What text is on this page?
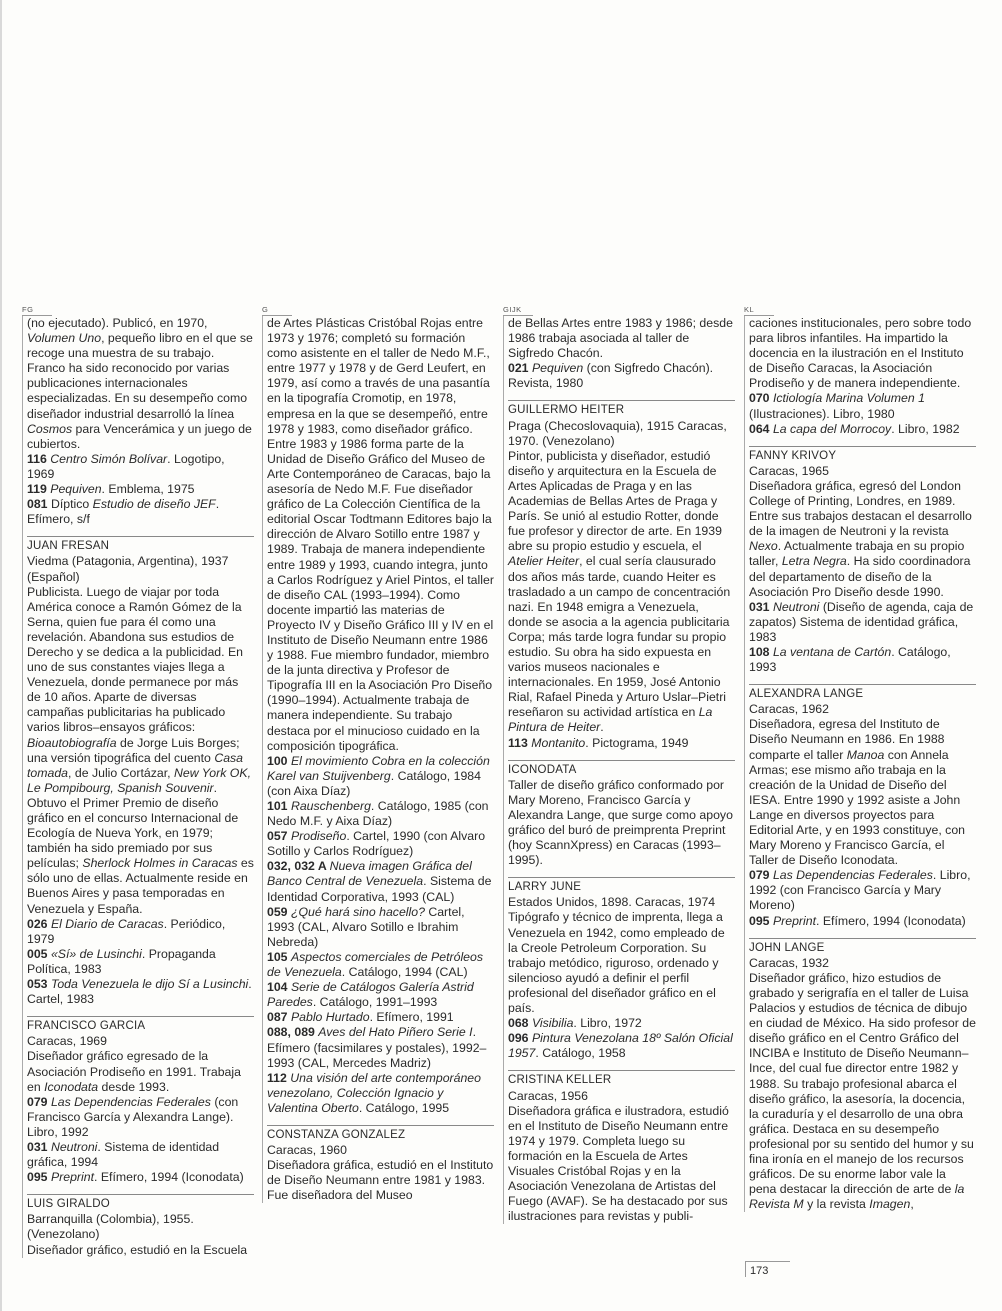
FG

(no ejecutado). Publicó, en 1970, Volumen Uno, pequeño libro en el que se recoge una muestra de su trabajo. Franco ha sido reconocido por varias publicaciones internacionales especializadas. En su desempeño como diseñador industrial desarrolló la línea Cosmos para Vencerámica y un juego de cubiertos.

116 Centro Simón Bolívar. Logotipo, 1969

119 Pequiven. Emblema, 1975

081 Díptico Estudio de diseño JEF. Efímero, s/f

JUAN FRESAN

Viedma (Patagonia, Argentina), 1937 (Español)
Publicista. Luego de viajar por toda América conoce a Ramón Gómez de la Serna, quien fue para él como una revelación. Abandona sus estudios de Derecho y se dedica a la publicidad. En uno de sus constantes viajes llega a Venezuela, donde permanece por más de 10 años. Aparte de diversas campañas publicitarias ha publicado varios libros–ensayos gráficos: Bioautobiografía de Jorge Luis Borges; una versión tipográfica del cuento Casa tomada, de Julio Cortázar, New York OK, Le Pompibourg, Spanish Souvenir. Obtuvo el Primer Premio de diseño gráfico en el concurso Internacional de Ecología de Nueva York, en 1979; también ha sido premiado por sus películas; Sherlock Holmes in Caracas es sólo uno de ellas. Actualmente reside en Buenos Aires y pasa temporadas en Venezuela y España.

026 El Diario de Caracas. Periódico, 1979

005 «Sí» de Lusinchi. Propaganda Política, 1983

053 Toda Venezuela le dijo Sí a Lusinchi. Cartel, 1983

FRANCISCO GARCIA

Caracas, 1969
Diseñador gráfico egresado de la Asociación Prodiseño en 1991. Trabaja en Iconodata desde 1993.

079 Las Dependencias Federales (con Francisco García y Alexandra Lange). Libro, 1992

031 Neutroni. Sistema de identidad gráfica, 1994

095 Preprint. Efímero, 1994 (Iconodata)

LUIS GIRALDO

Barranquilla (Colombia), 1955. (Venezolano)
Diseñador gráfico, estudió en la Escuela

G

de Artes Plásticas Cristóbal Rojas entre 1973 y 1976; completó su formación como asistente en el taller de Nedo M.F., entre 1977 y 1978 y de Gerd Leufert, en 1979, así como a través de una pasantía en la tipografía Cromotip, en 1978, empresa en la que se desempeñó, entre 1978 y 1983, como diseñador gráfico. Entre 1983 y 1986 forma parte de la Unidad de Diseño Gráfico del Museo de Arte Contemporáneo de Caracas, bajo la asesoría de Nedo M.F. Fue diseñador gráfico de La Colección Científica de la editorial Oscar Todtmann Editores bajo la dirección de Alvaro Sotillo entre 1987 y 1989. Trabaja de manera independiente entre 1989 y 1993, cuando integra, junto a Carlos Rodríguez y Ariel Pintos, el taller de diseño CAL (1993–1994). Como docente impartió las materias de Proyecto IV y Diseño Gráfico III y IV en el Instituto de Diseño Neumann entre 1986 y 1988. Fue miembro fundador, miembro de la junta directiva y Profesor de Tipografía III en la Asociación Pro Diseño (1990–1994). Actualmente trabaja de manera independiente. Su trabajo destaca por el minucioso cuidado en la composición tipográfica.

100 El movimiento Cobra en la colección Karel van Stuijvenberg. Catálogo, 1984 (con Aixa Díaz)

101 Rauschenberg. Catálogo, 1985 (con Nedo M.F. y Aixa Díaz)

057 Prodiseño. Cartel, 1990 (con Alvaro Sotillo y Carlos Rodríguez)

032, 032 A Nueva imagen Gráfica del Banco Central de Venezuela. Sistema de Identidad Corporativa, 1993 (CAL)

059 ¿Qué hará sino hacello? Cartel, 1993 (CAL, Alvaro Sotillo e Ibrahim Nebreda)

105 Aspectos comerciales de Petróleos de Venezuela. Catálogo, 1994 (CAL)

104 Serie de Catálogos Galería Astrid Paredes. Catálogo, 1991–1993

087 Pablo Hurtado. Efímero, 1991

088, 089 Aves del Hato Piñero Serie I. Efímero (facsimilares y postales), 1992–1993 (CAL, Mercedes Madriz)

112 Una visión del arte contemporáneo venezolano, Colección Ignacio y Valentina Oberto. Catálogo, 1995

CONSTANZA GONZALEZ

Caracas, 1960
Diseñadora gráfica, estudió en el Instituto de Diseño Neumann entre 1981 y 1983. Fue diseñadora del Museo

GIJK

de Bellas Artes entre 1983 y 1986; desde 1986 trabaja asociada al taller de Sigfredo Chacón.

021 Pequiven (con Sigfredo Chacón). Revista, 1980

GUILLERMO HEITER

Praga (Checoslovaquia), 1915 Caracas, 1970. (Venezolano)
Pintor, publicista y diseñador, estudió diseño y arquitectura en la Escuela de Artes Aplicadas de Praga y en las Academias de Bellas Artes de Praga y París. Se unió al estudio Rotter, donde fue profesor y director de arte. En 1939 abre su propio estudio y escuela, el Atelier Heiter, el cual sería clausurado dos años más tarde, cuando Heiter es trasladado a un campo de concentración nazi. En 1948 emigra a Venezuela, donde se asocia a la agencia publicitaria Corpa; más tarde logra fundar su propio estudio. Su obra ha sido expuesta en varios museos nacionales e internacionales. En 1959, José Antonio Rial, Rafael Pineda y Arturo Uslar–Pietri reseñaron su actividad artística en La Pintura de Heiter.

113 Montanito. Pictograma, 1949

ICONODATA

Taller de diseño gráfico conformado por Mary Moreno, Francisco García y Alexandra Lange, que surge como apoyo gráfico del buró de preimprenta Preprint (hoy ScannXpress) en Caracas (1993–1995).

LARRY JUNE

Estados Unidos, 1898. Caracas, 1974
Tipógrafo y técnico de imprenta, llega a Venezuela en 1942, como empleado de la Creole Petroleum Corporation. Su trabajo metódico, riguroso, ordenado y silencioso ayudó a definir el perfil profesional del diseñador gráfico en el país.

068 Visibilia. Libro, 1972

096 Pintura Venezolana 18º Salón Oficial 1957. Catálogo, 1958

CRISTINA KELLER

Caracas, 1956
Diseñadora gráfica e ilustradora, estudió en el Instituto de Diseño Neumann entre 1974 y 1979. Completa luego su formación en la Escuela de Artes Visuales Cristóbal Rojas y en la Asociación Venezolana de Artistas del Fuego (AVAF). Se ha destacado por sus ilustraciones para revistas y publi-

KL

caciones institucionales, pero sobre todo para libros infantiles. Ha impartido la docencia en la ilustración en el Instituto de Diseño Caracas, la Asociación Prodiseño y de manera independiente.

070 Ictiología Marina Volumen 1 (Ilustraciones). Libro, 1980

064 La capa del Morrocoy. Libro, 1982

FANNY KRIVOY

Caracas, 1965
Diseñadora gráfica, egresó del London College of Printing, Londres, en 1989. Entre sus trabajos destacan el desarrollo de la imagen de Neutroni y la revista Nexo. Actualmente trabaja en su propio taller, Letra Negra. Ha sido coordinadora del departamento de diseño de la Asociación Pro Diseño desde 1990.

031 Neutroni (Diseño de agenda, caja de zapatos) Sistema de identidad gráfica, 1983

108 La ventana de Cartón. Catálogo, 1993

ALEXANDRA LANGE

Caracas, 1962
Diseñadora, egresa del Instituto de Diseño Neumann en 1986. En 1988 comparte el taller Manoa con Annela Armas; ese mismo año trabaja en la creación de la Unidad de Diseño del IESA. Entre 1990 y 1992 asiste a John Lange en diversos proyectos para Editorial Arte, y en 1993 constituye, con Mary Moreno y Francisco García, el Taller de Diseño Iconodata.

079 Las Dependencias Federales. Libro, 1992 (con Francisco García y Mary Moreno)

095 Preprint. Efímero, 1994 (Iconodata)

JOHN LANGE

Caracas, 1932
Diseñador gráfico, hizo estudios de grabado y serigrafía en el taller de Luisa Palacios y estudios de técnica de dibujo en ciudad de México. Ha sido profesor de diseño gráfico en el Centro Gráfico del INCIBA e Instituto de Diseño Neumann–Ince, del cual fue director entre 1982 y 1988. Su trabajo profesional abarca el diseño gráfico, la asesoría, la docencia, la curaduría y el desarrollo de una obra gráfica. Destaca en su desempeño profesional por su sentido del humor y su fina ironía en el manejo de los recursos gráficos. De su enorme labor vale la pena destacar la dirección de arte de la Revista M y la revista Imagen,

173
